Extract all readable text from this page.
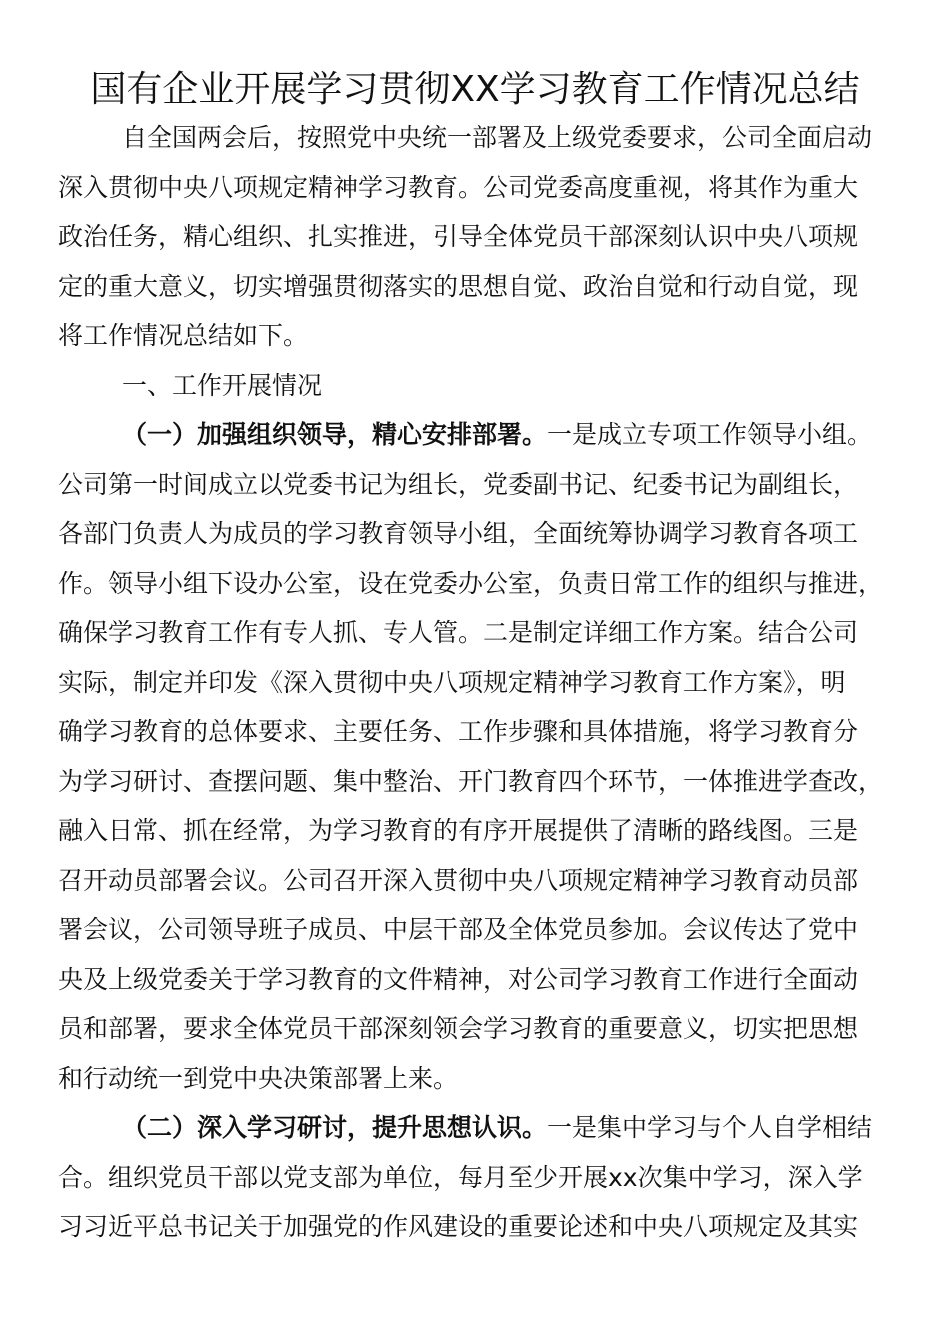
国有企业开展学习贯彻XX学习教育工作情况总结
自全国两会后，按照党中央统一部署及上级党委要求，公司全面启动
深入贯彻中央八项规定精神学习教育。公司党委高度重视，将其作为重大
政治任务，精心组织、扎实推进，引导全体党员干部深刻认识中央八项规
定的重大意义，切实增强贯彻落实的思想自觉、政治自觉和行动自觉，现
将工作情况总结如下。
一、工作开展情况
（一）加强组织领导，精心安排部署。一是成立专项工作领导小组。
公司第一时间成立以党委书记为组长，党委副书记、纪委书记为副组长，
各部门负责人为成员的学习教育领导小组，全面统筹协调学习教育各项工
作。领导小组下设办公室，设在党委办公室，负责日常工作的组织与推进，
确保学习教育工作有专人抓、专人管。二是制定详细工作方案。结合公司
实际，制定并印发《深入贯彻中央八项规定精神学习教育工作方案》，明
确学习教育的总体要求、主要任务、工作步骤和具体措施，将学习教育分
为学习研讨、查摆问题、集中整治、开门教育四个环节，一体推进学查改，
融入日常、抓在经常，为学习教育的有序开展提供了清晰的路线图。三是
召开动员部署会议。公司召开深入贯彻中央八项规定精神学习教育动员部
署会议，公司领导班子成员、中层干部及全体党员参加。会议传达了党中
央及上级党委关于学习教育的文件精神，对公司学习教育工作进行全面动
员和部署，要求全体党员干部深刻领会学习教育的重要意义，切实把思想
和行动统一到党中央决策部署上来。
（二）深入学习研讨，提升思想认识。一是集中学习与个人自学相结
合。组织党员干部以党支部为单位，每月至少开展xx次集中学习，深入学
习习近平总书记关于加强党的作风建设的重要论述和中央八项规定及其实
